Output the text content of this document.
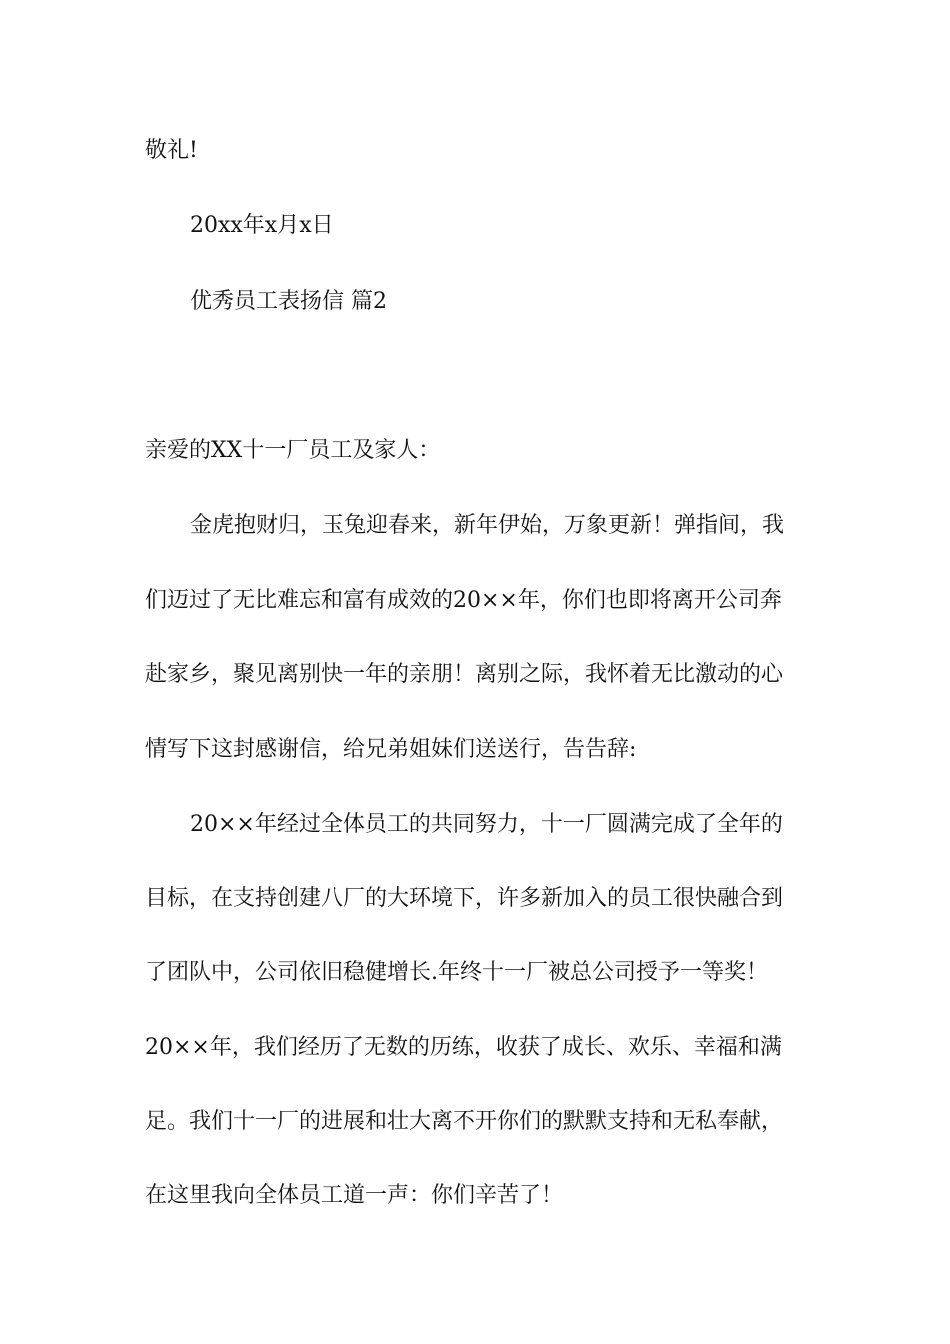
敬礼!
20xx年x月x日
优秀员工表扬信 篇2
亲爱的XX十一厂员工及家人：
金虎抱财归，玉兔迎春来，新年伊始，万象更新！弹指间，我
们迈过了无比难忘和富有成效的20××年，你们也即将离开公司奔
赴家乡，聚见离别快一年的亲朋！离别之际，我怀着无比激动的心
情写下这封感谢信，给兄弟姐妹们送送行，告告辞:
20××年经过全体员工的共同努力，十一厂圆满完成了全年的
目标，在支持创建八厂的大环境下，许多新加入的员工很快融合到
了团队中，公司依旧稳健增长.年终十一厂被总公司授予一等奖！
20××年，我们经历了无数的历练，收获了成长、欢乐、幸福和满
足。我们十一厂的进展和壮大离不开你们的默默支持和无私奉献，
在这里我向全体员工道一声：你们辛苦了！
